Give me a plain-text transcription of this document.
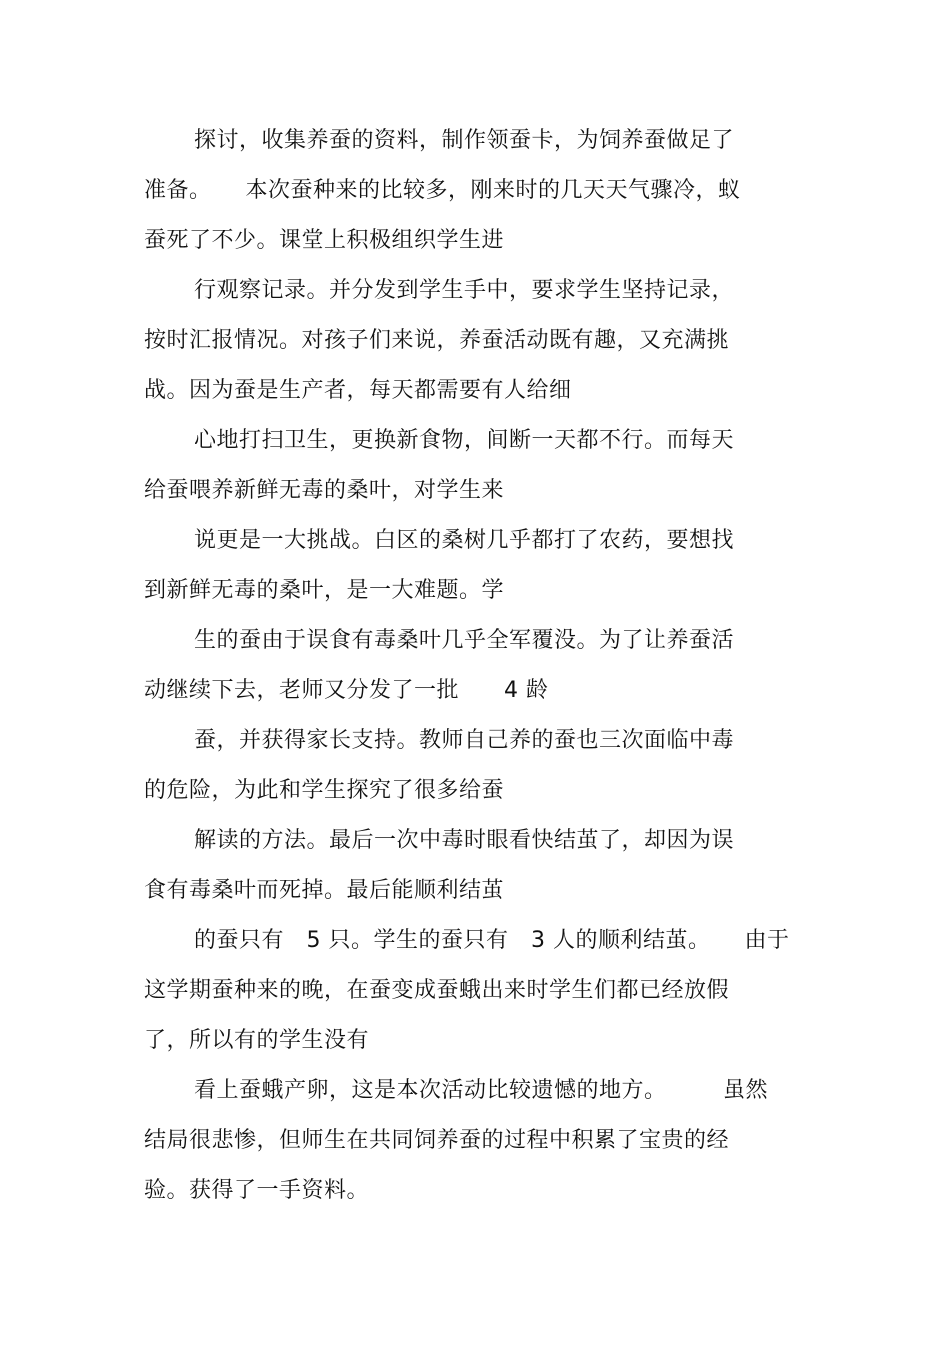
探讨，收集养蚕的资料，制作领蚕卡，为饲养蚕做足了
准备。　　本次蚕种来的比较多，刚来时的几天天气骤冷，蚁
蚕死了不少。课堂上积极组织学生进
行观察记录。并分发到学生手中，要求学生坚持记录，
按时汇报情况。对孩子们来说，养蚕活动既有趣，又充满挑
战。因为蚕是生产者，每天都需要有人给细
心地打扫卫生，更换新食物，间断一天都不行。而每天
给蚕喂养新鲜无毒的桑叶，对学生来
说更是一大挑战。白区的桑树几乎都打了农药，要想找
到新鲜无毒的桑叶，是一大难题。学
生的蚕由于误食有毒桑叶几乎全军覆没。为了让养蚕活
动继续下去，老师又分发了一批　　4 龄
蚕，并获得家长支持。教师自己养的蚕也三次面临中毒
的危险，为此和学生探究了很多给蚕
解读的方法。最后一次中毒时眼看快结茧了，却因为误
食有毒桑叶而死掉。最后能顺利结茧
的蚕只有　5 只。学生的蚕只有　3 人的顺利结茧。　　由于
这学期蚕种来的晚，在蚕变成蚕蛾出来时学生们都已经放假
了，所以有的学生没有
看上蚕蛾产卵，这是本次活动比较遗憾的地方。　　　虽然
结局很悲惨，但师生在共同饲养蚕的过程中积累了宝贵的经
验。获得了一手资料。
